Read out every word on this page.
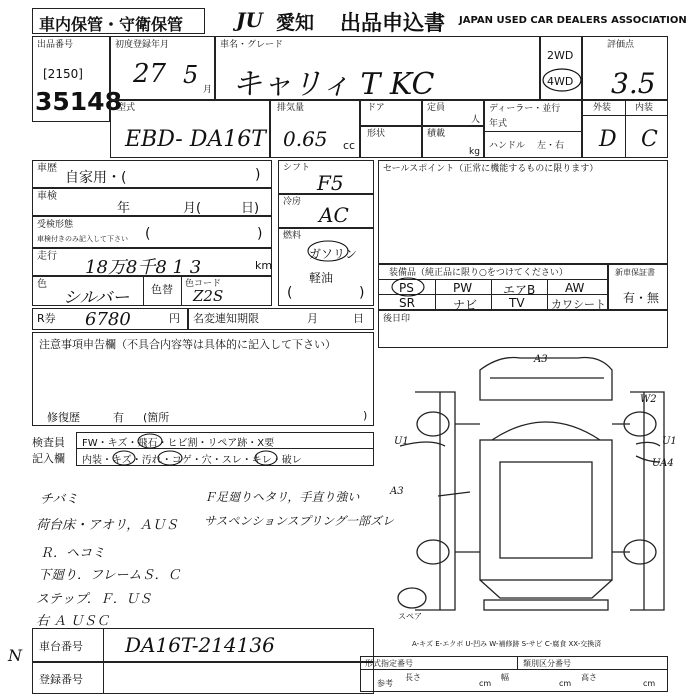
車内保管・守衛保管	JU 愛知 出品申込書 JAPAN USED CAR DEALERS ASSOCIATION
出品番号
[2150]
35148
初度登録年月
27 5
月
車名・グレード
キャリィ T KC
2WD
4WD
評価点
3.5
型式
EBD- DA16T
排気量
0.65 cc
ドア	定員
人
形状	積載
kg
ディーラー・並行
年式
ハンドル 左・右
外装	内装
D C
車歴
自家用・(	)
車検
年	月(	日)
受検形態
車検付きのみ記入して下さい (	)
走行
18万8千8 1 3	km
色
シルバー 色替 色コード
Z2S
R券 6780	円 名変連知期限	月	日
シフト
F5
冷房
AC
燃料
ガソリン
軽油
(	)
セールスポイント（正常に機能するものに限ります）
装備品（純正品に限り○をつけてください）
PS	PW	エアB AW
SR	ナビ	TV カワシート
新車保証書
有・無
後日印
注意事項申告欄（不具合内容等は具体的に記入して下さい）
修復歴	有 (箇所	)
検査員
記入欄
FW・キズ・飛石・ヒビ割・リペア跡・X要
内装・キズ・汚れ・コゲ・穴・スレ・キレ・破レ
チバミ
荷台床・アオリ，ＡＵＳ
Ｒ．ヘコミ
下廻り．フレームＳ．Ｃ
ステップ．Ｆ．ＵＳ
右 Ａ ＵＳＣ
Ｆ足廻りヘタリ，手直り強い
サスペンションスプリング一部ズレ
A3
W2
U1	U1
UA4
A3
スペア
A-キズ E-エクボ U-凹み W-補修跡 S-サビ C-腐食 XX-交換済
車台番号 DA16T-214136
登録番号
N	形式指定番号	類別区分番号
参考
長さ
cm
幅
cm
高さ
cm
